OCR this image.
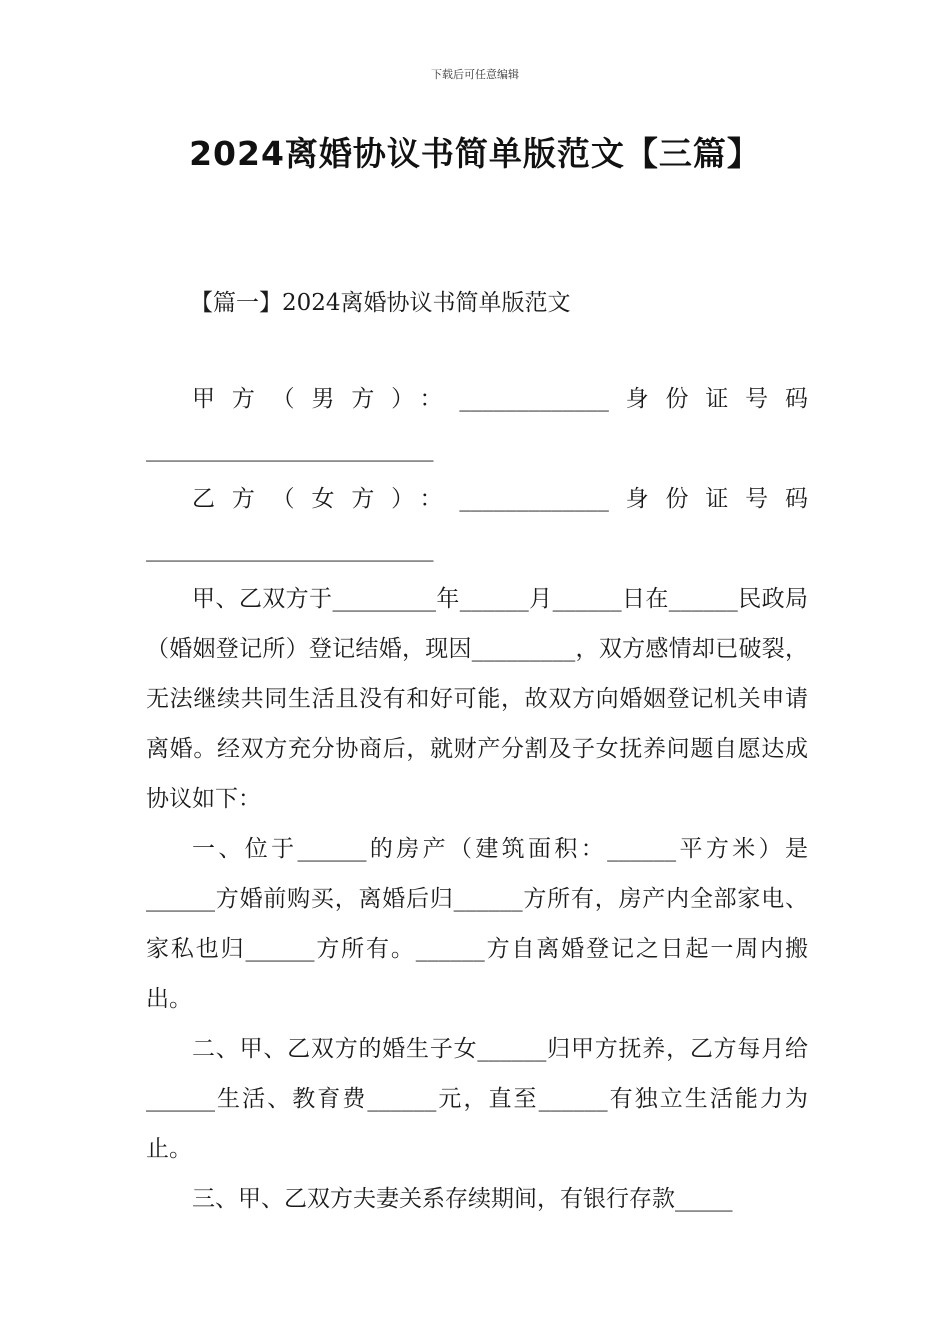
下载后可任意编辑
2024离婚协议书简单版范文【三篇】
【篇一】2024离婚协议书简单版范文

甲方（男方）：_____________身份证号码_________________________

乙方（女方）：_____________身份证号码_________________________

甲、乙双方于_________年______月______日在______民政局（婚姻登记所）登记结婚，现因_________，双方感情却已破裂，无法继续共同生活且没有和好可能，故双方向婚姻登记机关申请离婚。经双方充分协商后，就财产分割及子女抚养问题自愿达成协议如下：

一、位于______的房产（建筑面积：______平方米）是______方婚前购买，离婚后归______方所有，房产内全部家电、家私也归______方所有。______方自离婚登记之日起一周内搬出。

二、甲、乙双方的婚生子女______归甲方抚养，乙方每月给______生活、教育费______元，直至______有独立生活能力为止。

三、甲、乙双方夫妻关系存续期间，有银行存款_____
